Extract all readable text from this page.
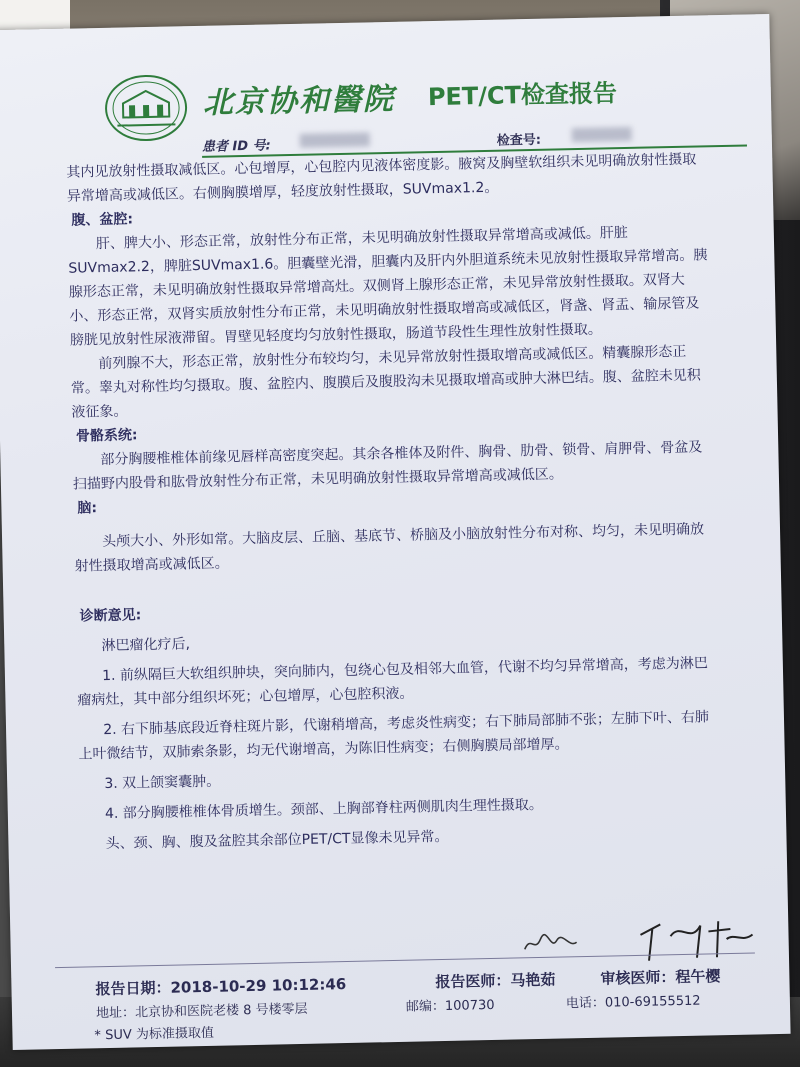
北京协和醫院 PET/CT检查报告
患者 ID 号:	检查号:

其内见放射性摄取减低区。心包增厚，心包腔内见液体密度影。腋窝及胸壁软组织未见明确放射性摄取异常增高或减低区。右侧胸膜增厚，轻度放射性摄取，SUVmax1.2。

腹、盆腔:

肝、脾大小、形态正常，放射性分布正常，未见明确放射性摄取异常增高或减低。肝脏SUVmax2.2，脾脏SUVmax1.6。胆囊壁光滑，胆囊内及肝内外胆道系统未见放射性摄取异常增高。胰腺形态正常，未见明确放射性摄取异常增高灶。双侧肾上腺形态正常，未见异常放射性摄取。双肾大小、形态正常，双肾实质放射性分布正常，未见明确放射性摄取增高或减低区，肾盏、肾盂、输尿管及膀胱见放射性尿液滞留。胃壁见轻度均匀放射性摄取，肠道节段性生理性放射性摄取。

前列腺不大，形态正常，放射性分布较均匀，未见异常放射性摄取增高或减低区。精囊腺形态正常。睾丸对称性均匀摄取。腹、盆腔内、腹膜后及腹股沟未见摄取增高或肿大淋巴结。腹、盆腔未见积液征象。

骨骼系统:

部分胸腰椎椎体前缘见唇样高密度突起。其余各椎体及附件、胸骨、肋骨、锁骨、肩胛骨、骨盆及扫描野内股骨和肱骨放射性分布正常，未见明确放射性摄取异常增高或减低区。

脑:

头颅大小、外形如常。大脑皮层、丘脑、基底节、桥脑及小脑放射性分布对称、均匀，未见明确放射性摄取增高或减低区。

诊断意见:

淋巴瘤化疗后,

1. 前纵隔巨大软组织肿块，突向肺内，包绕心包及相邻大血管，代谢不均匀异常增高，考虑为淋巴瘤病灶，其中部分组织坏死；心包增厚，心包腔积液。

2. 右下肺基底段近脊柱斑片影，代谢稍增高，考虑炎性病变；右下肺局部肺不张；左肺下叶、右肺上叶微结节，双肺索条影，均无代谢增高，为陈旧性病变；右侧胸膜局部增厚。

3. 双上颌窦囊肿。

4. 部分胸腰椎椎体骨质增生。颈部、上胸部脊柱两侧肌肉生理性摄取。

头、颈、胸、腹及盆腔其余部位PET/CT显像未见异常。

报告日期：2018-10-29 10:12:46	报告医师：马艳茹	审核医师：程午樱
地址：北京协和医院老楼 8 号楼零层	邮编：100730	电话：010-69155512
* SUV 为标准摄取值
